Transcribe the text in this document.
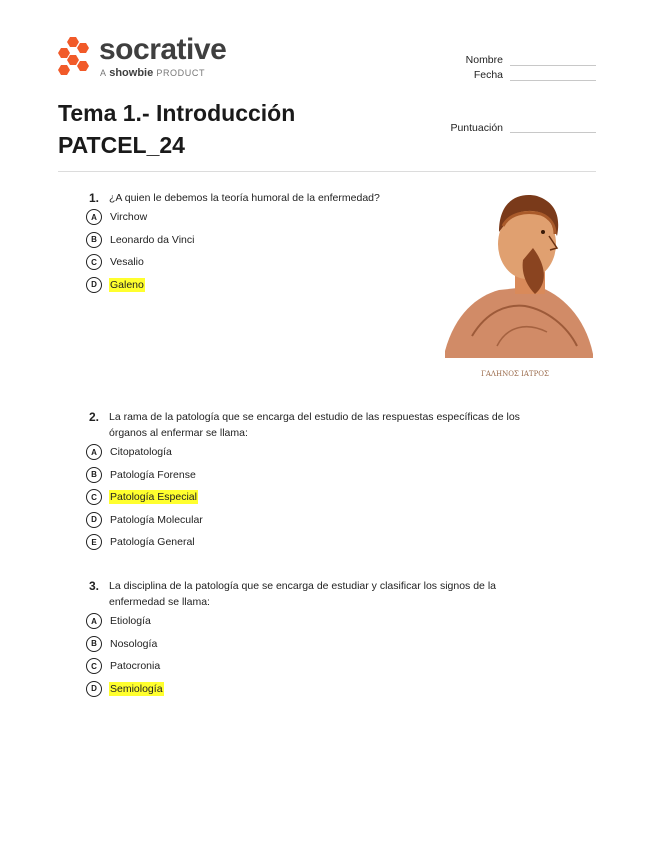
socrative
A showbie PRODUCT
Nombre
Fecha
Puntuación
Tema 1.- Introducción
PATCEL_24
1. ¿A quien le debemos la teoría humoral de la enfermedad?
A	Virchow
B	Leonardo da Vinci
C	Vesalio
D	Galeno
ΓΑΛΗΝΟΣ ΙΑΤΡΟΣ
2. La rama de la patología que se encarga del estudio de las respuestas específicas de los
órganos al enfermar se llama:
A	Citopatología
B	Patología Forense
C	Patología Especial
D	Patología Molecular
E	Patología General
3. La disciplina de la patología que se encarga de estudiar y clasificar los signos de la
enfermedad se llama:
A	Etiología
B	Nosología
C	Patocronia
D	Semiología
